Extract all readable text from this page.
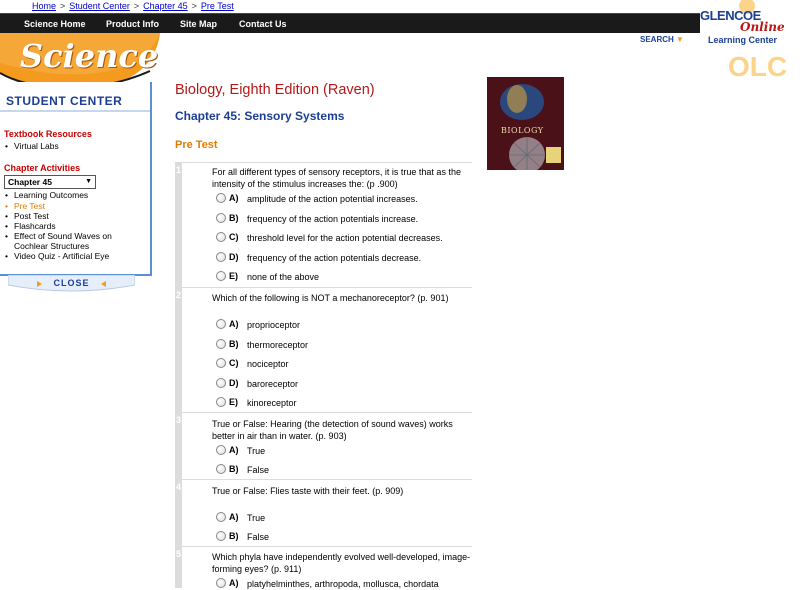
Home > Student Center > Chapter 45 > Pre Test
Science Home Product Info Site Map Contact Us
Science	OLC
GLENCOE
Online
Learning Center
SEARCH ▼
STUDENT CENTER
Textbook Resources
• Virtual Labs
Chapter Activities
Chapter 45	▼
• Learning Outcomes
• Pre Test
• Post Test
• Flashcards
• Effect of Sound Waves on
Cochlear Structures
• Video Quiz - Artificial Eye
CLOSE
Biology, Eighth Edition (Raven)
Chapter 45: Sensory Systems
Pre Test
BIOLOGY
1	For all different types of sensory receptors, it is true that as the intensity of the stimulus increases the: (p .900)
A) amplitude of the action potential increases.
B) frequency of the action potentials increase.
C) threshold level for the action potential decreases.
D) frequency of the action potentials decrease.
E) none of the above
2	Which of the following is NOT a mechanoreceptor? (p. 901)
A) proprioceptor
B) thermoreceptor
C) nociceptor
D) baroreceptor
E) kinoreceptor
3	True or False: Hearing (the detection of sound waves) works better in air than in water. (p. 903)
A) True
B) False
4	True or False: Flies taste with their feet. (p. 909)
A) True
B) False
5	Which phyla have independently evolved well-developed, image-forming eyes? (p. 911)
A) platyhelminthes, arthropoda, mollusca, chordata
